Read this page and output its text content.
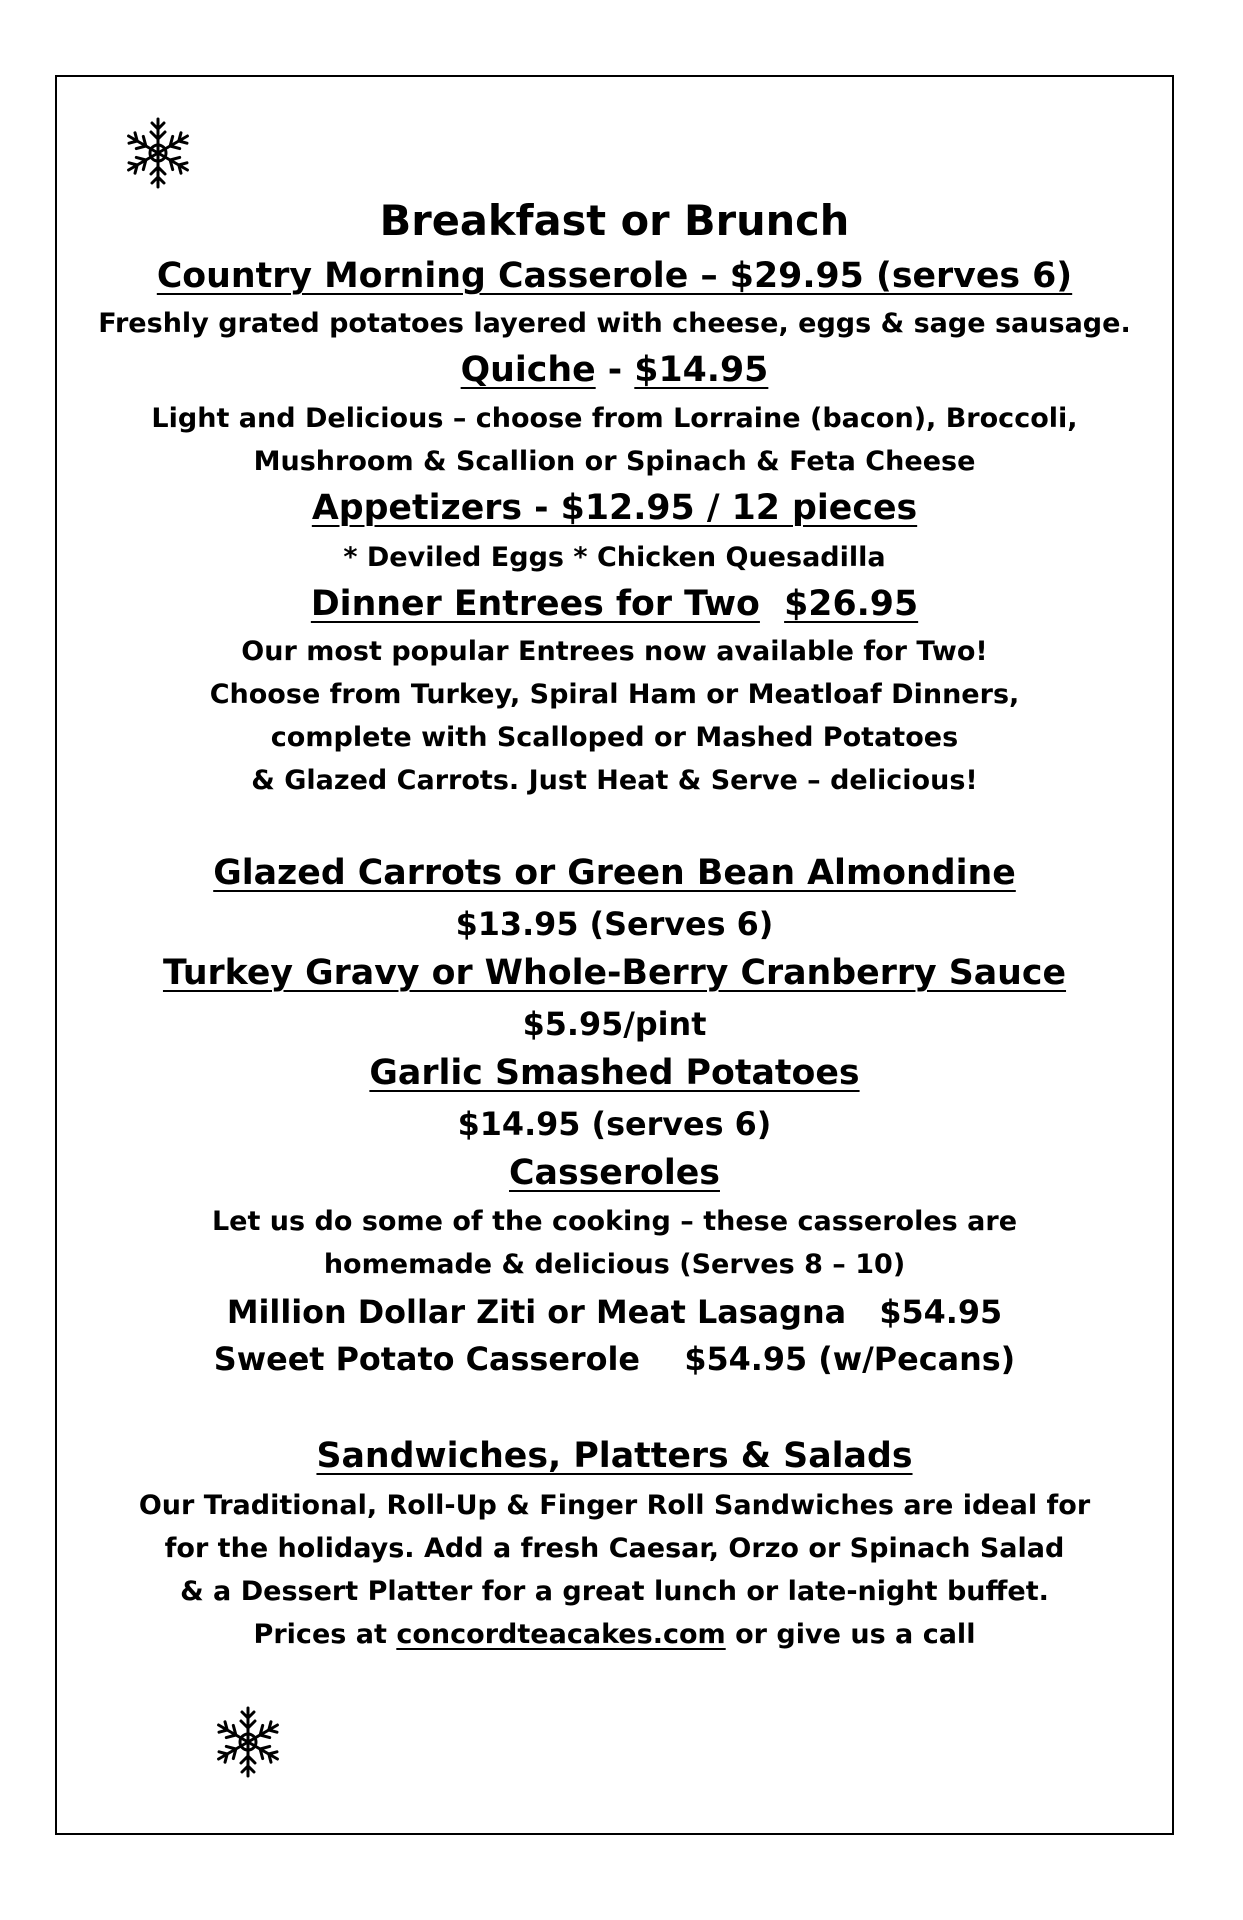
Breakfast or Brunch
Country Morning Casserole – $29.95 (serves 6)
Freshly grated potatoes layered with cheese, eggs & sage sausage.
Quiche - $14.95
Light and Delicious – choose from Lorraine (bacon), Broccoli,
Mushroom & Scallion or Spinach & Feta Cheese
Appetizers - $12.95 / 12 pieces
* Deviled Eggs * Chicken Quesadilla
Dinner Entrees for Two $26.95
Our most popular Entrees now available for Two!
Choose from Turkey, Spiral Ham or Meatloaf Dinners,
complete with Scalloped or Mashed Potatoes
& Glazed Carrots. Just Heat & Serve – delicious!
Glazed Carrots or Green Bean Almondine
$13.95 (Serves 6)
Turkey Gravy or Whole-Berry Cranberry Sauce
$5.95/pint
Garlic Smashed Potatoes
$14.95 (serves 6)
Casseroles
Let us do some of the cooking – these casseroles are
homemade & delicious (Serves 8 – 10)
Million Dollar Ziti or Meat Lasagna $54.95
Sweet Potato Casserole $54.95 (w/Pecans)
Sandwiches, Platters & Salads
Our Traditional, Roll-Up & Finger Roll Sandwiches are ideal for
for the holidays. Add a fresh Caesar, Orzo or Spinach Salad
& a Dessert Platter for a great lunch or late-night buffet.
Prices at concordteacakes.com or give us a call
